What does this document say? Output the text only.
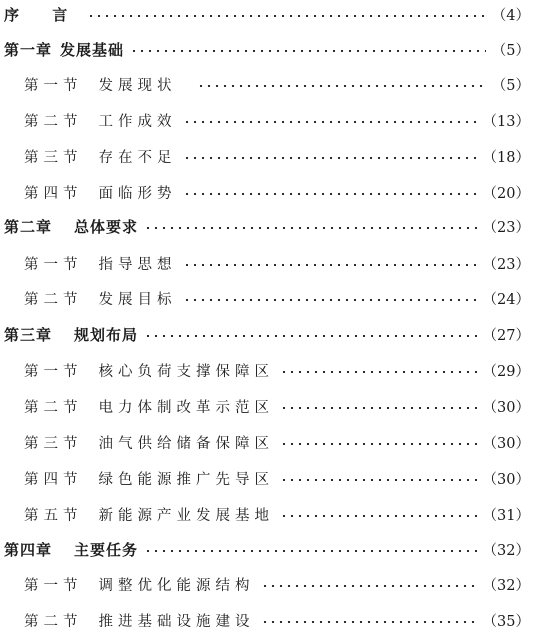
序 言	（4）
第一章 发展基础	（5）
第一节 发展现状	（5）
第二节 工作成效	（13）
第三节 存在不足	（18）
第四节 面临形势	（20）
第二章 总体要求	（23）
第一节 指导思想	（23）
第二节 发展目标	（24）
第三章 规划布局	（27）
第一节 核心负荷支撑保障区	（29）
第二节 电力体制改革示范区	（30）
第三节 油气供给储备保障区	（30）
第四节 绿色能源推广先导区	（30）
第五节 新能源产业发展基地	（31）
第四章 主要任务	（32）
第一节 调整优化能源结构	（32）
第二节 推进基础设施建设	（35）
